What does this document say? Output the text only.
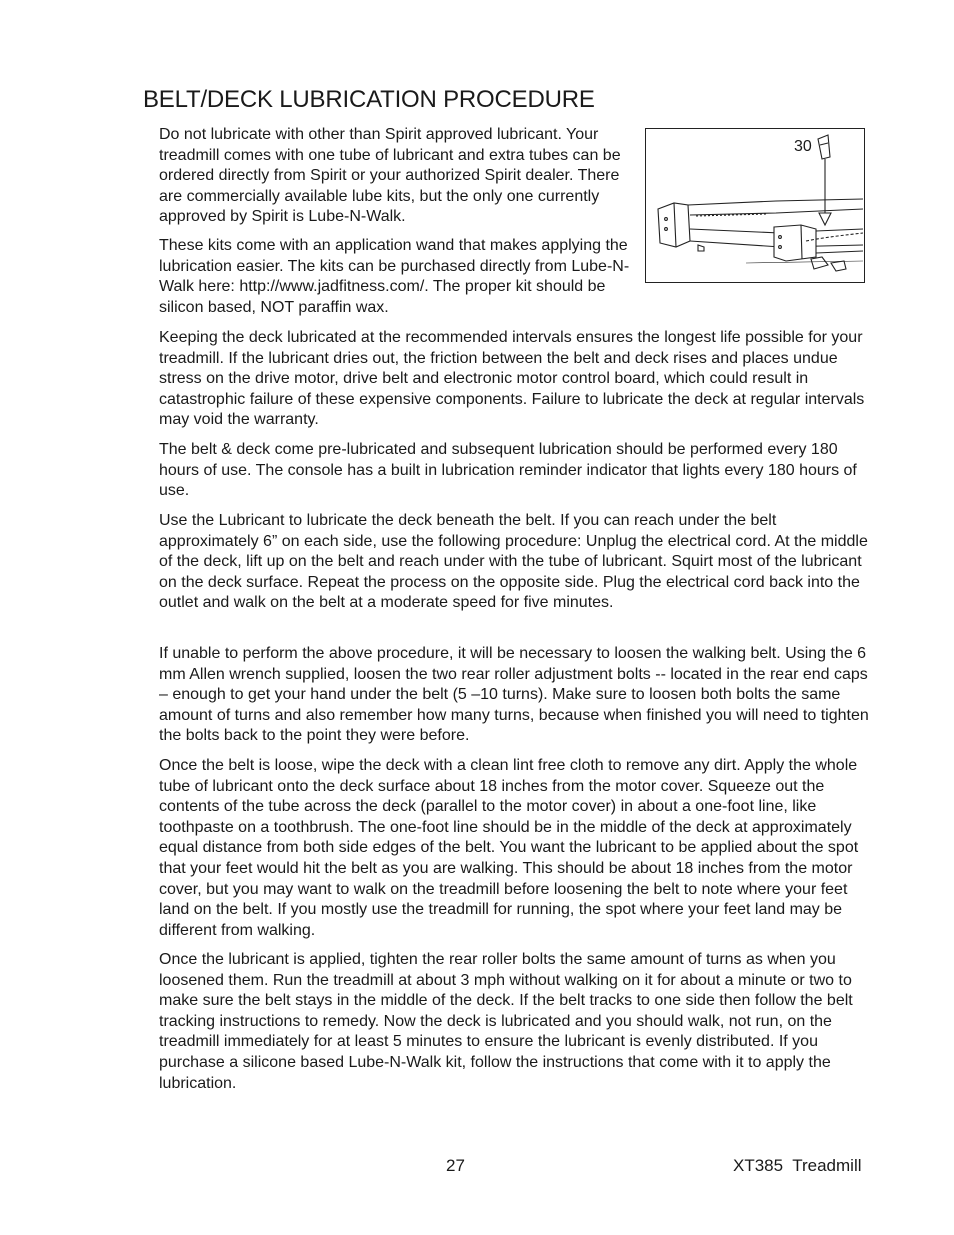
BELT/DECK LUBRICATION PROCEDURE

Do not lubricate with other than Spirit approved lubricant. Your treadmill comes with one tube of lubricant and extra tubes can be ordered directly from Spirit or your authorized Spirit dealer. There are commercially available lube kits, but the only one currently approved by Spirit is Lube-N-Walk.

These kits come with an application wand that makes applying the lubrication easier. The kits can be purchased directly from Lube-N-Walk here: http://www.jadfitness.com/. The proper kit should be silicon based, NOT paraffin wax.

30

Keeping the deck lubricated at the recommended intervals ensures the longest life possible for your treadmill. If the lubricant dries out, the friction between the belt and deck rises and places undue stress on the drive motor, drive belt and electronic motor control board, which could result in catastrophic failure of these expensive components. Failure to lubricate the deck at regular intervals may void the warranty.

The belt & deck come pre-lubricated and subsequent lubrication should be performed every 180 hours of use. The console has a built in lubrication reminder indicator that lights every 180 hours of use.

Use the Lubricant to lubricate the deck beneath the belt. If you can reach under the belt approximately 6” on each side, use the following procedure: Unplug the electrical cord. At the middle of the deck, lift up on the belt and reach under with the tube of lubricant. Squirt most of the lubricant on the deck surface. Repeat the process on the opposite side. Plug the electrical cord back into the outlet and walk on the belt at a moderate speed for five minutes.

If unable to perform the above procedure, it will be necessary to loosen the walking belt. Using the 6 mm Allen wrench supplied, loosen the two rear roller adjustment bolts -- located in the rear end caps – enough to get your hand under the belt (5 –10 turns). Make sure to loosen both bolts the same amount of turns and also remember how many turns, because when finished you will need to tighten the bolts back to the point they were before.

Once the belt is loose, wipe the deck with a clean lint free cloth to remove any dirt. Apply the whole tube of lubricant onto the deck surface about 18 inches from the motor cover. Squeeze out the contents of the tube across the deck (parallel to the motor cover) in about a one-foot line, like toothpaste on a toothbrush. The one-foot line should be in the middle of the deck at approximately equal distance from both side edges of the belt. You want the lubricant to be applied about the spot that your feet would hit the belt as you are walking. This should be about 18 inches from the motor cover, but you may want to walk on the treadmill before loosening the belt to note where your feet land on the belt. If you mostly use the treadmill for running, the spot where your feet land may be different from walking.

Once the lubricant is applied, tighten the rear roller bolts the same amount of turns as when you loosened them. Run the treadmill at about 3 mph without walking on it for about a minute or two to make sure the belt stays in the middle of the deck. If the belt tracks to one side then follow the belt tracking instructions to remedy. Now the deck is lubricated and you should walk, not run, on the treadmill immediately for at least 5 minutes to ensure the lubricant is evenly distributed. If you purchase a silicone based Lube-N-Walk kit, follow the instructions that come with it to apply the lubrication.

27	XT385  Treadmill
